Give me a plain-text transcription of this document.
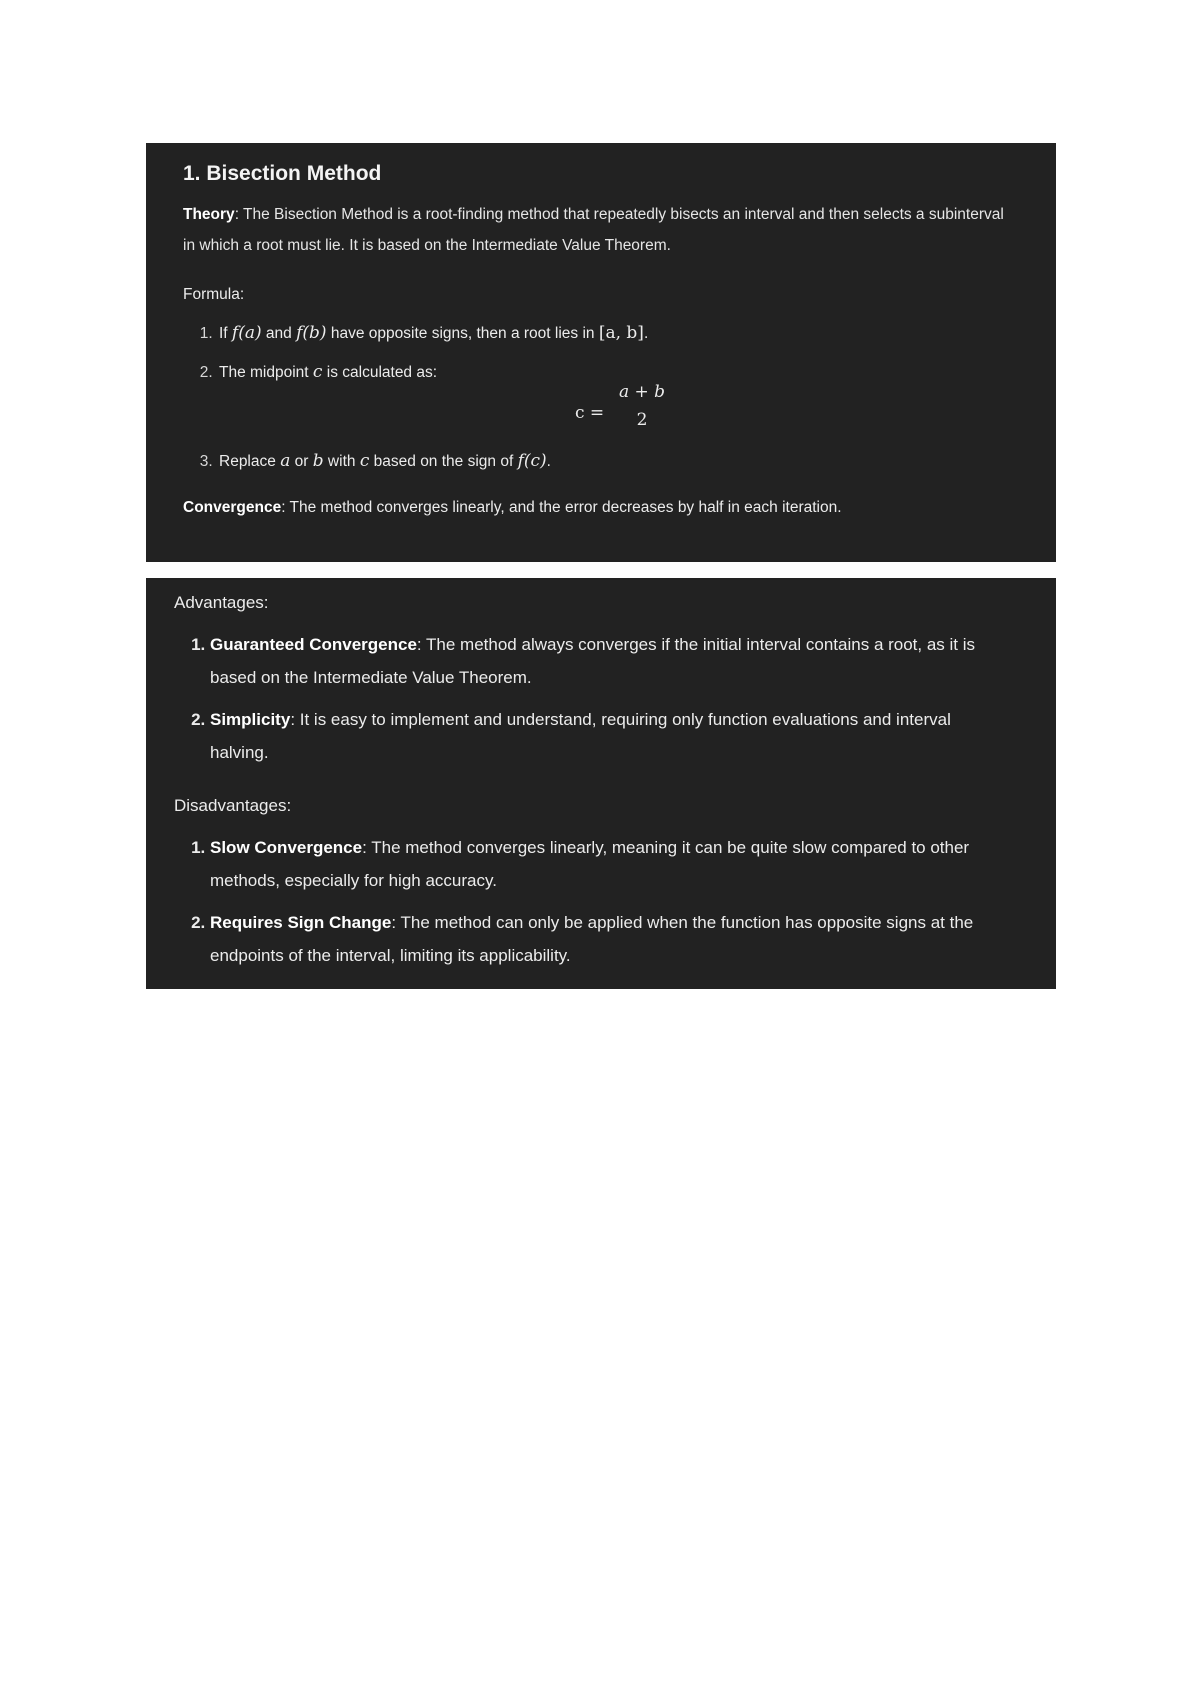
1. Bisection Method

Theory: The Bisection Method is a root-finding method that repeatedly bisects an interval and then selects a subinterval in which a root must lie. It is based on the Intermediate Value Theorem.

Formula:

1. If f(a) and f(b) have opposite signs, then a root lies in [a, b].
2. The midpoint c is calculated as:
c =
a + b
2
3. Replace a or b with c based on the sign of f(c).

Convergence: The method converges linearly, and the error decreases by half in each iteration.

Advantages:

1. Guaranteed Convergence: The method always converges if the initial interval contains a root, as it is based on the Intermediate Value Theorem.
2. Simplicity: It is easy to implement and understand, requiring only function evaluations and interval halving.

Disadvantages:

1. Slow Convergence: The method converges linearly, meaning it can be quite slow compared to other methods, especially for high accuracy.
2. Requires Sign Change: The method can only be applied when the function has opposite signs at the endpoints of the interval, limiting its applicability.
